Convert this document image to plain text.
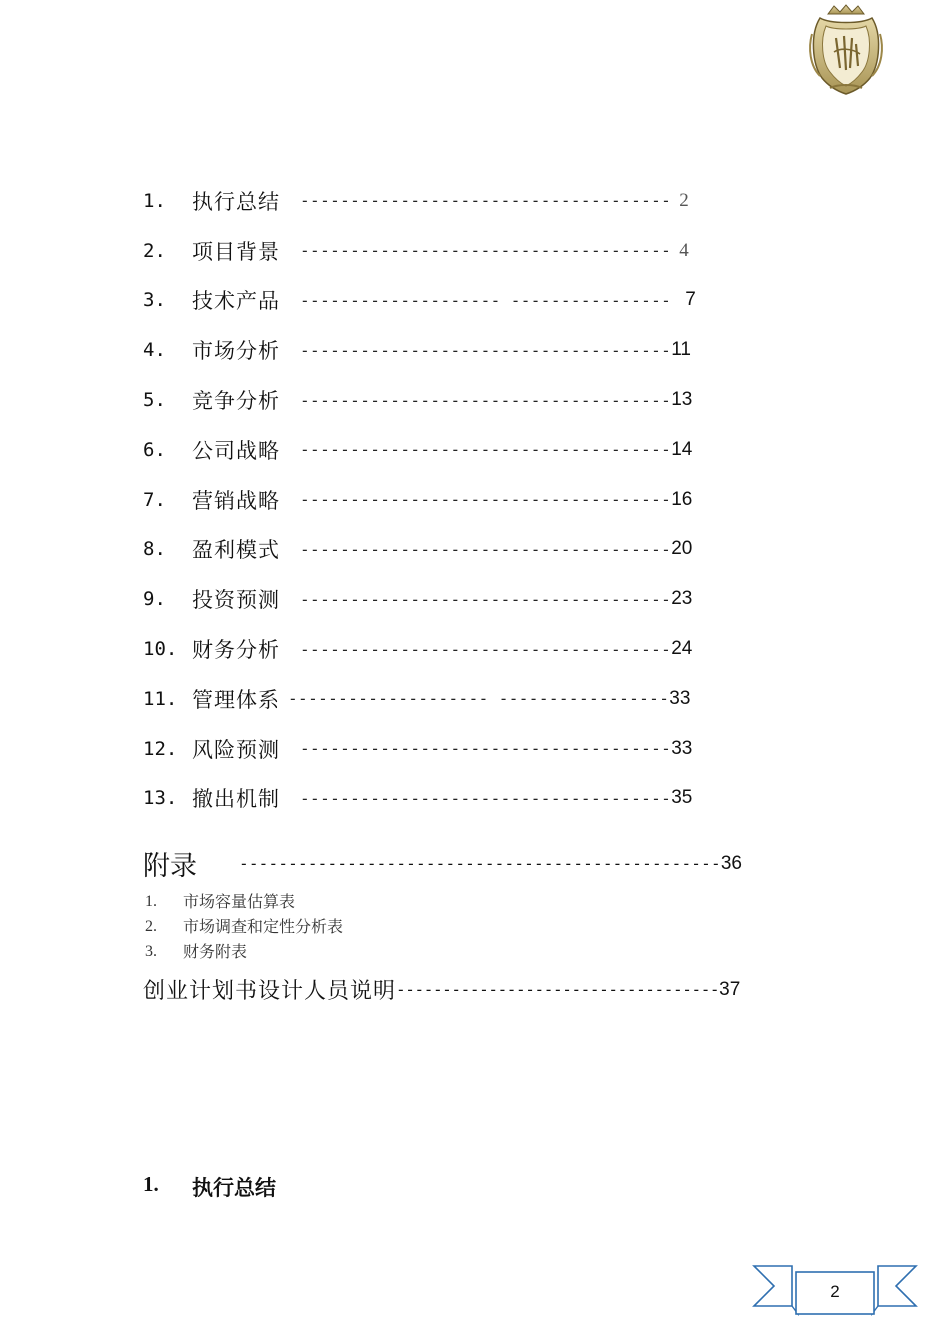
1.	执行总结	------------------------------------- 2
2.	项目背景	------------------------------------- 4
3.	技术产品	-------------------- ---------------- 7
4.	市场分析	------------------------------------- 11
5.	竞争分析	------------------------------------- 13
6.	公司战略	------------------------------------- 14
7.	营销战略	------------------------------------- 16
8.	盈利模式	------------------------------------- 20
9.	投资预测	------------------------------------- 23
10. 财务分析	------------------------------------- 24
11. 管理体系 -------------------- ----------------- 33
12. 风险预测	------------------------------------- 33
13. 撤出机制	------------------------------------- 35
附录	------------------------------------------------- 36
1.	市场容量估算表
2.	市场调查和定性分析表
3.	财务附表
创业计划书设计人员说明 ----------------------------------- 37
1.	执行总结
2
